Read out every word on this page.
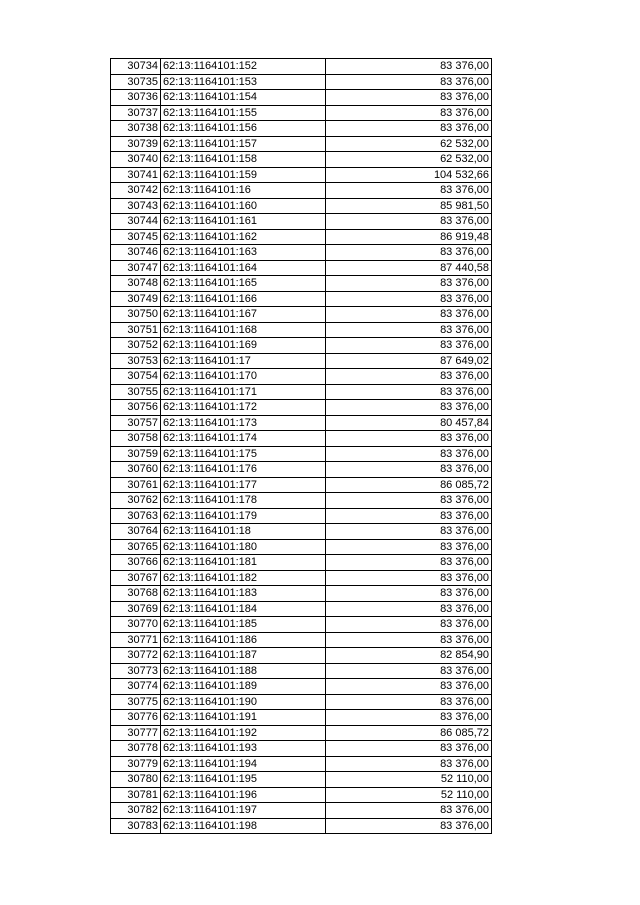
30734	62:13:1164101:152	83 376,00
30735	62:13:1164101:153	83 376,00
30736	62:13:1164101:154	83 376,00
30737	62:13:1164101:155	83 376,00
30738	62:13:1164101:156	83 376,00
30739	62:13:1164101:157	62 532,00
30740	62:13:1164101:158	62 532,00
30741	62:13:1164101:159	104 532,66
30742	62:13:1164101:16	83 376,00
30743	62:13:1164101:160	85 981,50
30744	62:13:1164101:161	83 376,00
30745	62:13:1164101:162	86 919,48
30746	62:13:1164101:163	83 376,00
30747	62:13:1164101:164	87 440,58
30748	62:13:1164101:165	83 376,00
30749	62:13:1164101:166	83 376,00
30750	62:13:1164101:167	83 376,00
30751	62:13:1164101:168	83 376,00
30752	62:13:1164101:169	83 376,00
30753	62:13:1164101:17	87 649,02
30754	62:13:1164101:170	83 376,00
30755	62:13:1164101:171	83 376,00
30756	62:13:1164101:172	83 376,00
30757	62:13:1164101:173	80 457,84
30758	62:13:1164101:174	83 376,00
30759	62:13:1164101:175	83 376,00
30760	62:13:1164101:176	83 376,00
30761	62:13:1164101:177	86 085,72
30762	62:13:1164101:178	83 376,00
30763	62:13:1164101:179	83 376,00
30764	62:13:1164101:18	83 376,00
30765	62:13:1164101:180	83 376,00
30766	62:13:1164101:181	83 376,00
30767	62:13:1164101:182	83 376,00
30768	62:13:1164101:183	83 376,00
30769	62:13:1164101:184	83 376,00
30770	62:13:1164101:185	83 376,00
30771	62:13:1164101:186	83 376,00
30772	62:13:1164101:187	82 854,90
30773	62:13:1164101:188	83 376,00
30774	62:13:1164101:189	83 376,00
30775	62:13:1164101:190	83 376,00
30776	62:13:1164101:191	83 376,00
30777	62:13:1164101:192	86 085,72
30778	62:13:1164101:193	83 376,00
30779	62:13:1164101:194	83 376,00
30780	62:13:1164101:195	52 110,00
30781	62:13:1164101:196	52 110,00
30782	62:13:1164101:197	83 376,00
30783	62:13:1164101:198	83 376,00
